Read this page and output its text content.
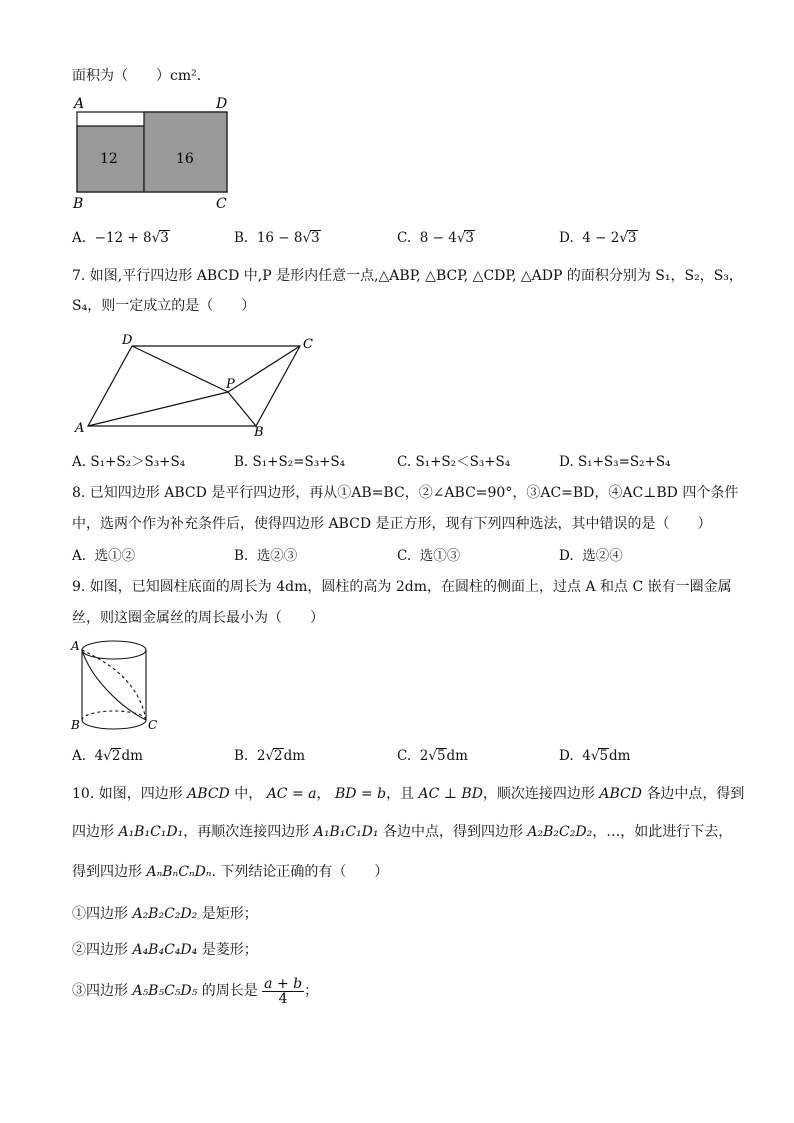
面积为（　　）cm²．
A	D
B	C
12	16
A. −12 + 8√3	B. 16 − 8√3	C. 8 − 4√3	D. 4 − 2√3
7. 如图,平行四边形 ABCD 中,P 是形内任意一点,△ABP, △BCP, △CDP, △ADP 的面积分别为 S₁，S₂，S₃，
S₄，则一定成立的是（　　）
A	B
C
D
P
A. S₁+S₂＞S₃+S₄	B. S₁+S₂=S₃+S₄	C. S₁+S₂＜S₃+S₄	D. S₁+S₃=S₂+S₄
8. 已知四边形 ABCD 是平行四边形，再从①AB=BC，②∠ABC=90°，③AC=BD，④AC⊥BD 四个条件
中，选两个作为补充条件后，使得四边形 ABCD 是正方形，现有下列四种选法，其中错误的是（　　）
A. 选①②	B. 选②③	C. 选①③	D. 选②④
9. 如图，已知圆柱底面的周长为 4dm，圆柱的高为 2dm，在圆柱的侧面上，过点 A 和点 C 嵌有一圈金属
丝，则这圈金属丝的周长最小为（　　）
A
B	C
A. 4√2dm	B. 2√2dm	C. 2√5dm	D. 4√5dm
10. 如图，四边形 ABCD 中， AC = a， BD = b，且 AC ⊥ BD，顺次连接四边形 ABCD 各边中点，得到
四边形 A₁B₁C₁D₁，再顺次连接四边形 A₁B₁C₁D₁ 各边中点，得到四边形 A₂B₂C₂D₂，…，如此进行下去，
得到四边形 AₙBₙCₙDₙ. 下列结论正确的有（　　）
①四边形 A₂B₂C₂D₂ 是矩形；
②四边形 A₄B₄C₄D₄ 是菱形；
③四边形 A₅B₅C₅D₅ 的周长是 $\frac{a + b}{4}$ ；
